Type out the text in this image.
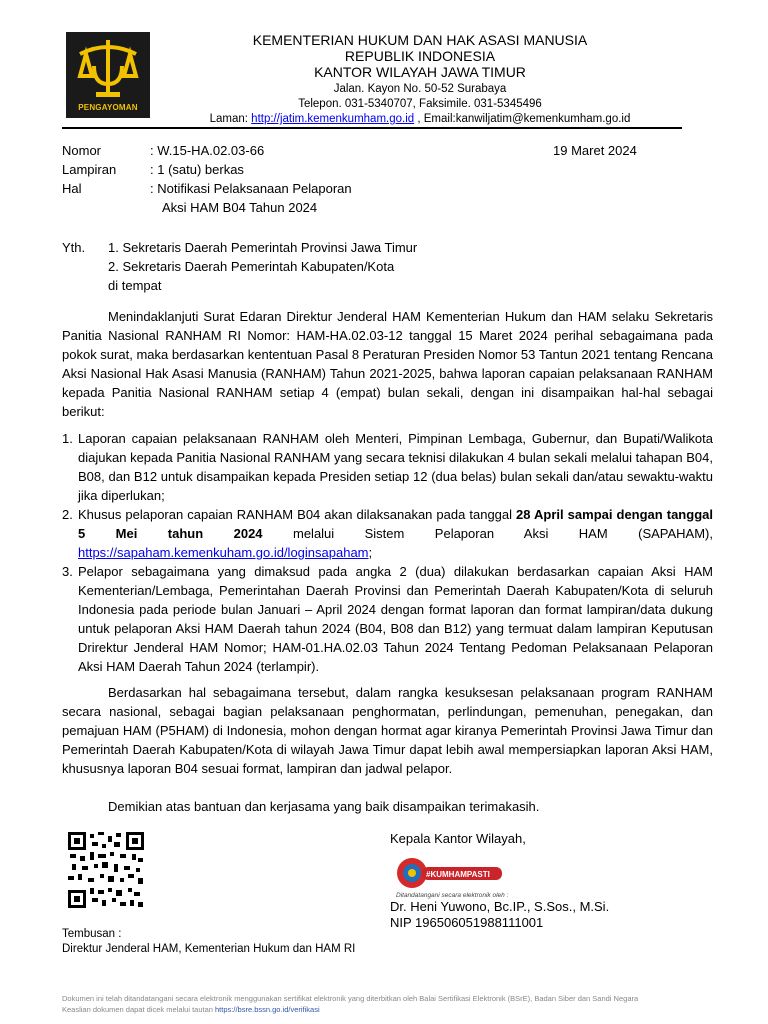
PENGAYOMAN
KEMENTERIAN HUKUM DAN HAK ASASI MANUSIA
REPUBLIK INDONESIA
KANTOR WILAYAH JAWA TIMUR
Jalan. Kayon No. 50-52 Surabaya
Telepon. 031-5340707, Faksimile. 031-5345496
Laman: http://jatim.kemenkumham.go.id , Email:kanwiljatim@kemenkumham.go.id
Nomor	: W.15-HA.02.03-66	19 Maret 2024
Lampiran	: 1 (satu) berkas
Hal	: Notifikasi Pelaksanaan Pelaporan
Aksi HAM B04 Tahun 2024
Yth. 1. Sekretaris Daerah Pemerintah Provinsi Jawa Timur
2. Sekretaris Daerah Pemerintah Kabupaten/Kota
di tempat
Menindaklanjuti Surat Edaran Direktur Jenderal HAM Kementerian Hukum dan HAM selaku Sekretaris Panitia Nasional RANHAM RI Nomor: HAM-HA.02.03-12 tanggal 15 Maret 2024 perihal sebagaimana pada pokok surat, maka berdasarkan kententuan Pasal 8 Peraturan Presiden Nomor 53 Tantun 2021 tentang Rencana Aksi Nasional Hak Asasi Manusia (RANHAM) Tahun 2021-2025, bahwa laporan capaian pelaksanaan RANHAM kepada Panitia Nasional RANHAM setiap 4 (empat) bulan sekali, dengan ini disampaikan hal-hal sebagai berikut:
1. Laporan capaian pelaksanaan RANHAM oleh Menteri, Pimpinan Lembaga, Gubernur, dan Bupati/Walikota diajukan kepada Panitia Nasional RANHAM yang secara teknisi dilakukan 4 bulan sekali melalui tahapan B04, B08, dan B12 untuk disampaikan kepada Presiden setiap 12 (dua belas) bulan sekali dan/atau sewaktu-waktu jika diperlukan;
2. Khusus pelaporan capaian RANHAM B04 akan dilaksanakan pada tanggal 28 April sampai dengan tanggal 5 Mei tahun 2024 melalui Sistem Pelaporan Aksi HAM (SAPAHAM), https://sapaham.kemenkuham.go.id/loginsapaham;
3. Pelapor sebagaimana yang dimaksud pada angka 2 (dua) dilakukan berdasarkan capaian Aksi HAM Kementerian/Lembaga, Pemerintahan Daerah Provinsi dan Pemerintah Daerah Kabupaten/Kota di seluruh Indonesia pada periode bulan Januari – April 2024 dengan format laporan dan format lampiran/data dukung untuk pelaporan Aksi HAM Daerah tahun 2024 (B04, B08 dan B12) yang termuat dalam lampiran Keputusan Drirektur Jenderal HAM Nomor; HAM-01.HA.02.03 Tahun 2024 Tentang Pedoman Pelaksanaan Pelaporan Aksi HAM Daerah Tahun 2024 (terlampir).
Berdasarkan hal sebagaimana tersebut, dalam rangka kesuksesan pelaksanaan program RANHAM secara nasional, sebagai bagian pelaksanaan penghormatan, perlindungan, pemenuhan, penegakan, dan pemajuan HAM (P5HAM) di Indonesia, mohon dengan hormat agar kiranya Pemerintah Provinsi Jawa Timur dan Pemerintah Daerah Kabupaten/Kota di wilayah Jawa Timur dapat lebih awal mempersiapkan laporan Aksi HAM, khususnya laporan B04 sesuai format, lampiran dan jadwal pelapor.
Demikian atas bantuan dan kerjasama yang baik disampaikan terimakasih.
Kepala Kantor Wilayah,
#KUMHAMPASTI
Ditandatangani secara elektronik oleh :
Dr. Heni Yuwono, Bc.IP., S.Sos., M.Si.
NIP 196506051988111001
Tembusan :
Direktur Jenderal HAM, Kementerian Hukum dan HAM RI
Dokumen ini telah ditandatangani secara elektronik menggunakan sertifikat elektronik yang diterbitkan oleh Balai Sertifikasi Elektronik (BSrE), Badan Siber dan Sandi Negara
Keaslian dokumen dapat dicek melalui tautan https://bsre.bssn.go.id/verifikasi
